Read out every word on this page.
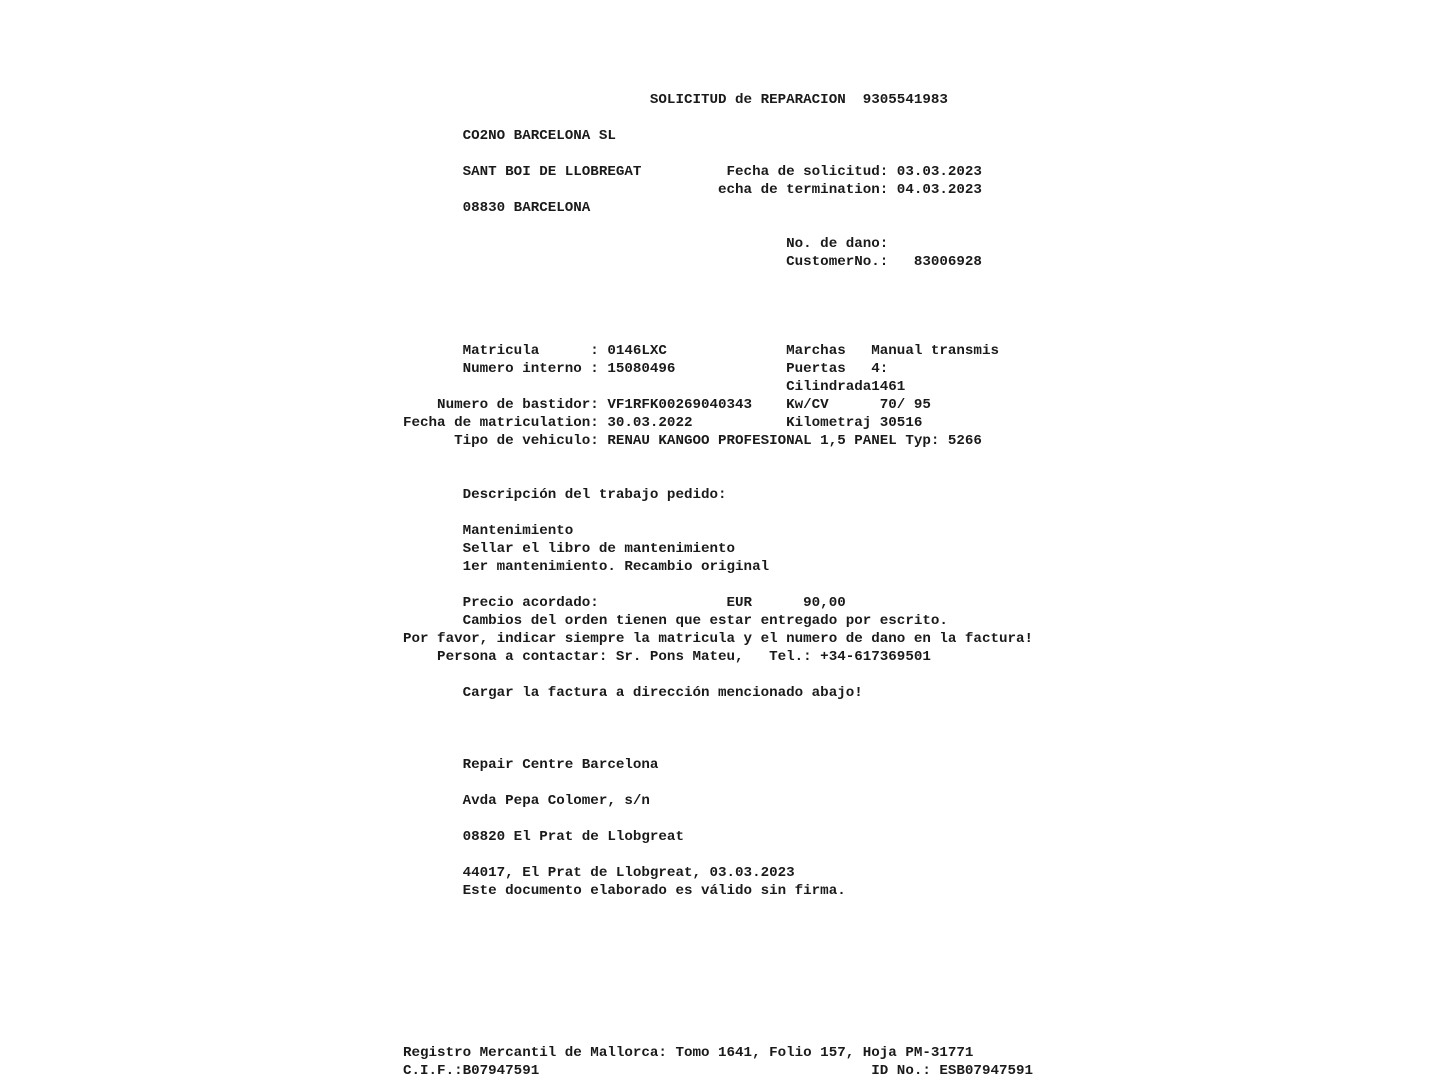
SOLICITUD de REPARACION  9305541983

CO2NO BARCELONA SL

SANT BOI DE LLOBREGAT          Fecha de solicitud: 03.03.2023

echa de termination: 04.03.2023

08830 BARCELONA

No. de dano:

CustomerNo.:   83006928

Matricula      : 0146LXC              Marchas   Manual transmis

Numero interno : 15080496             Puertas   4:

Cilindrada1461

Numero de bastidor: VF1RFK00269040343    Kw/CV      70/ 95

Fecha de matriculation: 30.03.2022           Kilometraj 30516

Tipo de vehiculo: RENAU KANGOO PROFESIONAL 1,5 PANEL Typ: 5266

Descripción del trabajo pedido:

Mantenimiento

Sellar el libro de mantenimiento

1er mantenimiento. Recambio original

Precio acordado:               EUR      90,00

Cambios del orden tienen que estar entregado por escrito.

Por favor, indicar siempre la matricula y el numero de dano en la factura!

Persona a contactar: Sr. Pons Mateu,   Tel.: +34-617369501

Cargar la factura a dirección mencionado abajo!

Repair Centre Barcelona

Avda Pepa Colomer, s/n

08820 El Prat de Llobgreat

44017, El Prat de Llobgreat, 03.03.2023

Este documento elaborado es válido sin firma.

Registro Mercantil de Mallorca: Tomo 1641, Folio 157, Hoja PM-31771

C.I.F.:B07947591                                       ID No.: ESB07947591
